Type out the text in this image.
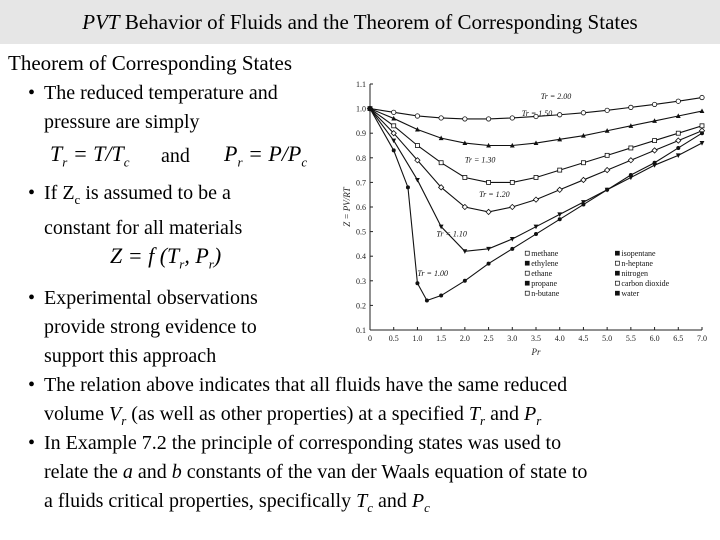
PVT Behavior of Fluids and the Theorem of Corresponding States
Theorem of Corresponding States
• The reduced temperature and
pressure are simply
$T_r = T/T_c$ and $P_r = P/P_c$
• If $Z_c$ is assumed to be a
constant for all materials
Z = f ($T_r$, $P_r$)
• Experimental observations
provide strong evidence to
support this approach
• The relation above indicates that all fluids have the same reduced
volume $V_r$ (as well as other properties) at a specified $T_r$ and $P_r$
• In Example 7.2 the principle of corresponding states was used to
relate the a and b constants of the van der Waals equation of state to
a fluids critical properties, specifically $T_c$ and $P_c$
0 0.5 1.0 1.5 2.0 2.5 3.0 3.5 4.0 4.5 5.0 5.5 6.0 6.5 7.0
0.1
0.2
0.3
0.4
0.5
0.6
0.7
0.8
0.9
1.0
1.1
Pr
Z = PV/RT
Tr = 2.00
Tr = 1.50
Tr = 1.30
Tr = 1.20
Tr = 1.10
Tr = 1.00
methane
ethylene
ethane
propane
n-butane
isopentane
n-heptane
nitrogen
carbon dioxide
water
